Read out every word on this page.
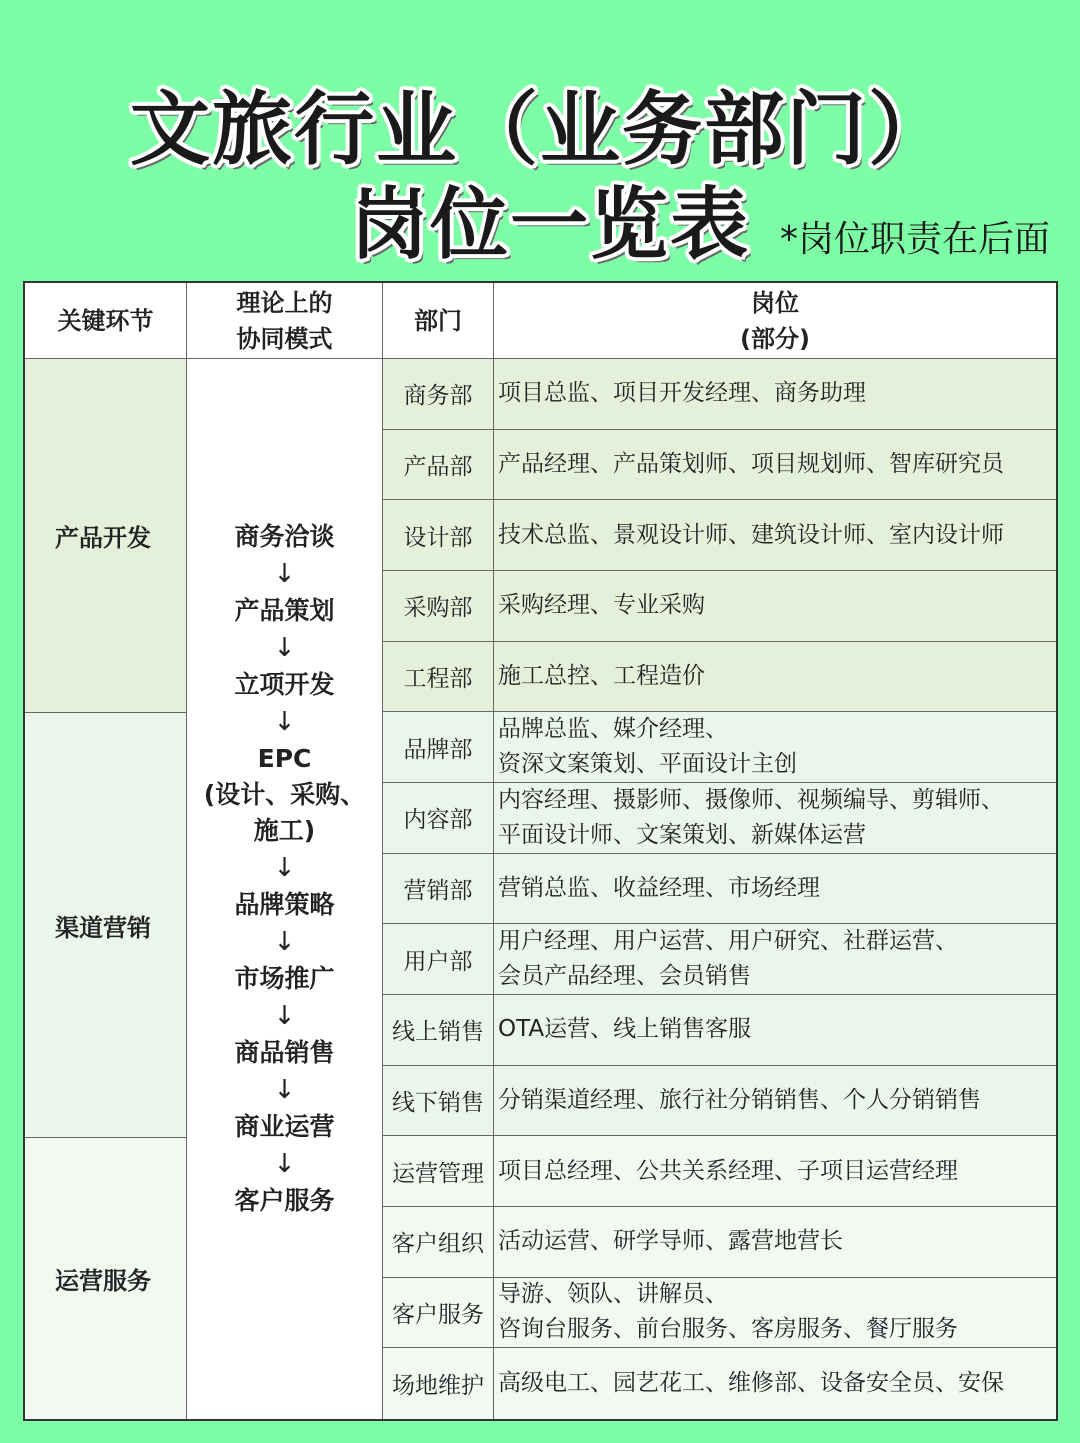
文旅行业（业务部门）
岗位一览表 *岗位职责在后面
关键环节
理论上的
协同模式
部门
岗位
(部分)
产品开发
渠道营销
运营服务
商务洽谈
↓
产品策划
↓
立项开发
↓
EPC
(设计、采购、
施工)
↓
品牌策略
↓
市场推广
↓
商品销售
↓
商业运营
↓
客户服务
商务部 项目总监、项目开发经理、商务助理
产品部 产品经理、产品策划师、项目规划师、智库研究员
设计部 技术总监、景观设计师、建筑设计师、室内设计师
采购部 采购经理、专业采购
工程部 施工总控、工程造价
品牌部
品牌总监、媒介经理、
资深文案策划、平面设计主创
内容部
内容经理、摄影师、摄像师、视频编导、剪辑师、
平面设计师、文案策划、新媒体运营
营销部 营销总监、收益经理、市场经理
用户部
用户经理、用户运营、用户研究、社群运营、
会员产品经理、会员销售
线上销售 OTA运营、线上销售客服
线下销售 分销渠道经理、旅行社分销销售、个人分销销售
运营管理 项目总经理、公共关系经理、子项目运营经理
客户组织 活动运营、研学导师、露营地营长
客户服务
导游、领队、讲解员、
咨询台服务、前台服务、客房服务、餐厅服务
场地维护 高级电工、园艺花工、维修部、设备安全员、安保
